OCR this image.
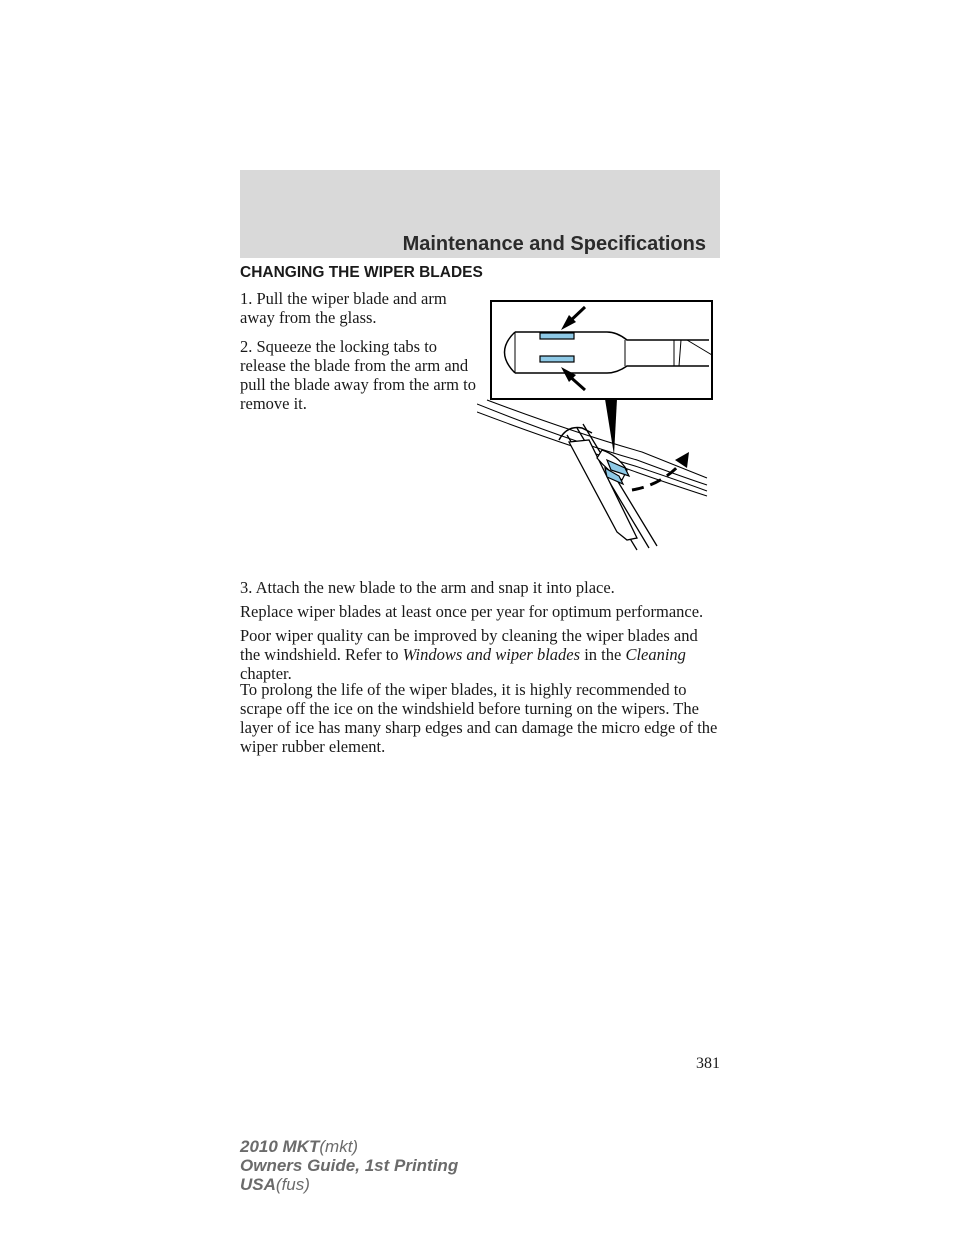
Maintenance and Specifications
CHANGING THE WIPER BLADES

1. Pull the wiper blade and arm away from the glass.

2. Squeeze the locking tabs to release the blade from the arm and pull the blade away from the arm to remove it.

3. Attach the new blade to the arm and snap it into place.

Replace wiper blades at least once per year for optimum performance.

Poor wiper quality can be improved by cleaning the wiper blades and the windshield. Refer to Windows and wiper blades in the Cleaning chapter.

To prolong the life of the wiper blades, it is highly recommended to scrape off the ice on the windshield before turning on the wipers. The layer of ice has many sharp edges and can damage the micro edge of the wiper rubber element.

381
2010 MKT(mkt)
Owners Guide, 1st Printing
USA(fus)
